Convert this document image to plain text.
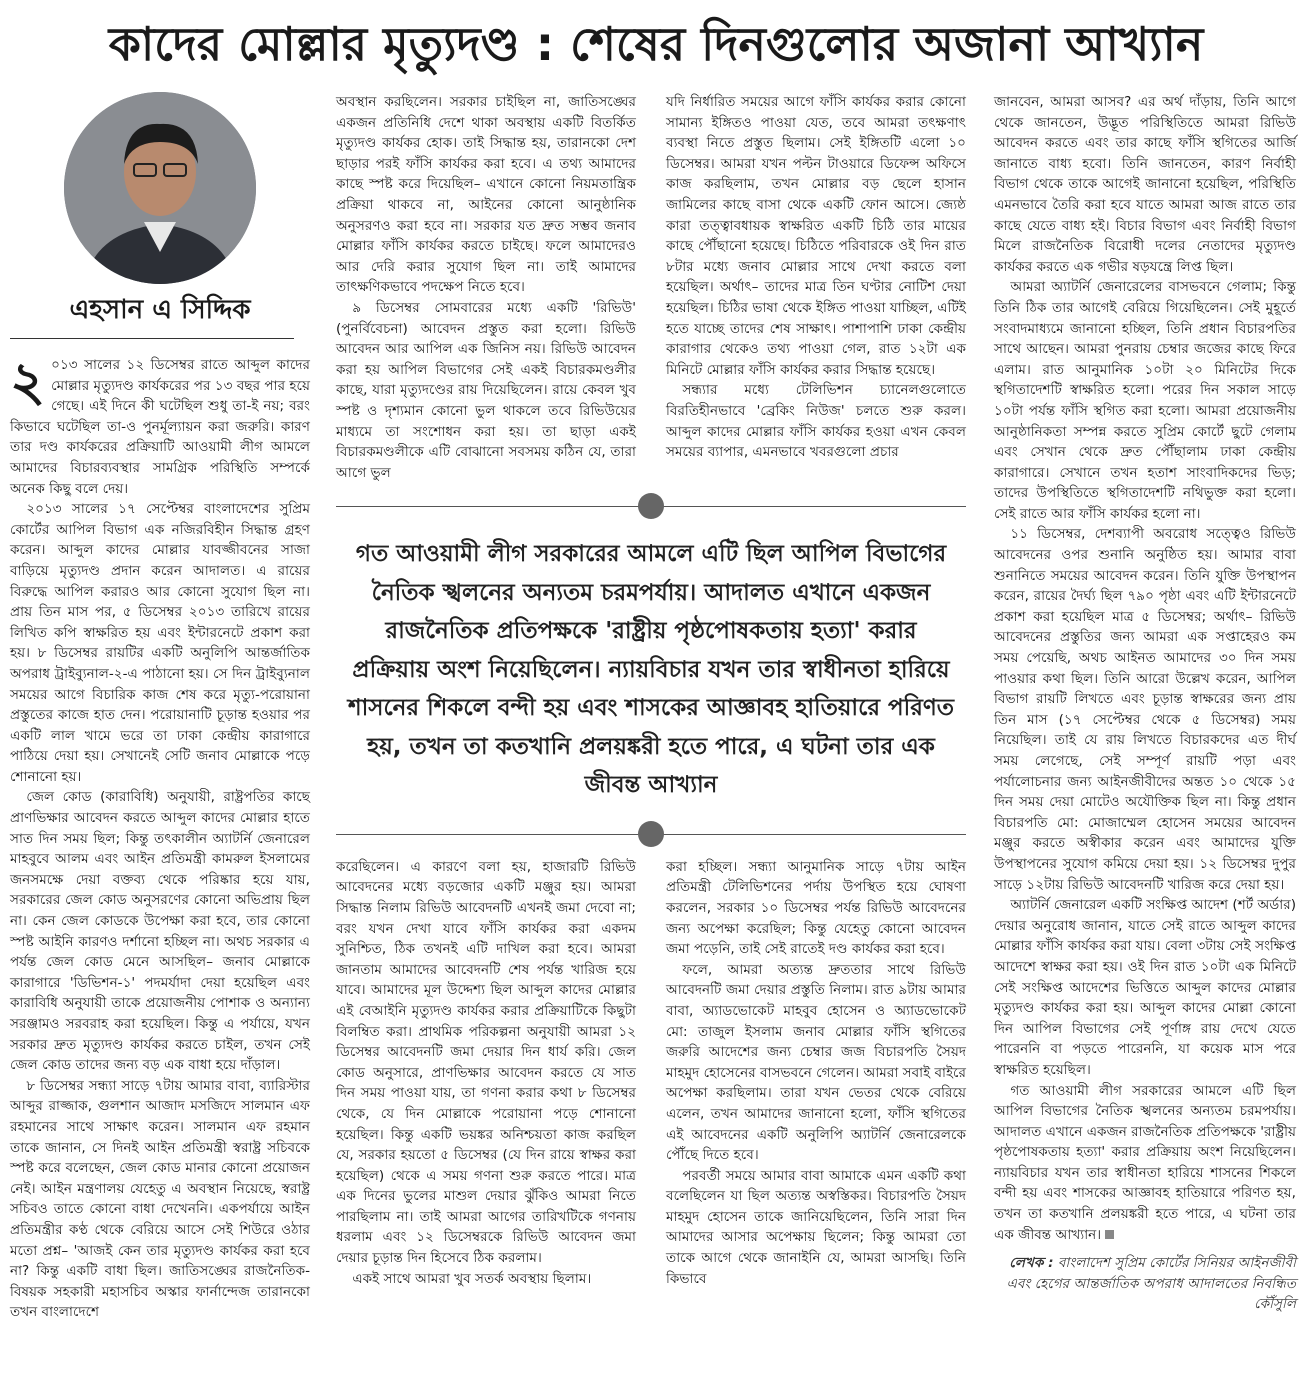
কাদের মোল্লার মৃত্যুদণ্ড : শেষের দিনগুলোর অজানা আখ্যান
এহসান এ সিদ্দিক

২ ০১৩ সালের ১২ ডিসেম্বর রাতে আব্দুল কাদের মোল্লার মৃত্যুদণ্ড কার্যকরের পর ১৩ বছর পার হয়ে গেছে। এই দিনে কী ঘটেছিল শুধু তা-ই নয়; বরং কিভাবে ঘটেছিল তা-ও পুনর্মূল্যায়ন করা জরুরি। কারণ তার দণ্ড কার্যকরের প্রক্রিয়াটি আওয়ামী লীগ আমলে আমাদের বিচারব্যবস্থার সামগ্রিক পরিস্থিতি সম্পর্কে অনেক কিছু বলে দেয়।

২০১৩ সালের ১৭ সেপ্টেম্বর বাংলাদেশের সুপ্রিম কোর্টের আপিল বিভাগ এক নজিরবিহীন সিদ্ধান্ত গ্রহণ করেন। আব্দুল কাদের মোল্লার যাবজ্জীবনের সাজা বাড়িয়ে মৃত্যুদণ্ড প্রদান করেন আদালত। এ রায়ের বিরুদ্ধে আপিল করারও আর কোনো সুযোগ ছিল না। প্রায় তিন মাস পর, ৫ ডিসেম্বর ২০১৩ তারিখে রায়ের লিখিত কপি স্বাক্ষরিত হয় এবং ইন্টারনেটে প্রকাশ করা হয়। ৮ ডিসেম্বর রায়টির একটি অনুলিপি আন্তর্জাতিক অপরাধ ট্রাইব্যুনাল-২-এ পাঠানো হয়। সে দিন ট্রাইব্যুনাল সময়ের আগে বিচারিক কাজ শেষ করে মৃত্যু-পরোয়ানা প্রস্তুতের কাজে হাত দেন। পরোয়ানাটি চূড়ান্ত হওয়ার পর একটি লাল খামে ভরে তা ঢাকা কেন্দ্রীয় কারাগারে পাঠিয়ে দেয়া হয়। সেখানেই সেটি জনাব মোল্লাকে পড়ে শোনানো হয়।

জেল কোড (কারাবিধি) অনুযায়ী, রাষ্ট্রপতির কাছে প্রাণভিক্ষার আবেদন করতে আব্দুল কাদের মোল্লার হাতে সাত দিন সময় ছিল; কিন্তু তৎকালীন অ্যাটর্নি জেনারেল মাহবুবে আলম এবং আইন প্রতিমন্ত্রী কামরুল ইসলামের জনসমক্ষে দেয়া বক্তব্য থেকে পরিষ্কার হয়ে যায়, সরকারের জেল কোড অনুসরণের কোনো অভিপ্রায় ছিল না। কেন জেল কোডকে উপেক্ষা করা হবে, তার কোনো স্পষ্ট আইনি কারণও দর্শানো হচ্ছিল না। অথচ সরকার এ পর্যন্ত জেল কোড মেনে আসছিল– জনাব মোল্লাকে কারাগারে 'ডিভিশন-১' পদমর্যাদা দেয়া হয়েছিল এবং কারাবিধি অনুযায়ী তাকে প্রয়োজনীয় পোশাক ও অন্যান্য সরঞ্জামও সরবরাহ করা হয়েছিল। কিন্তু এ পর্যায়ে, যখন সরকার দ্রুত মৃত্যুদণ্ড কার্যকর করতে চাইল, তখন সেই জেল কোড তাদের জন্য বড় এক বাধা হয়ে দাঁড়াল।

৮ ডিসেম্বর সন্ধ্যা সাড়ে ৭টায় আমার বাবা, ব্যারিস্টার আব্দুর রাজ্জাক, গুলশান আজাদ মসজিদে সালমান এফ রহমানের সাথে সাক্ষাৎ করেন। সালমান এফ রহমান তাকে জানান, সে দিনই আইন প্রতিমন্ত্রী স্বরাষ্ট্র সচিবকে স্পষ্ট করে বলেছেন, জেল কোড মানার কোনো প্রয়োজন নেই। আইন মন্ত্রণালয় যেহেতু এ অবস্থান নিয়েছে, স্বরাষ্ট্র সচিবও তাতে কোনো বাধা দেখেননি। একপর্যায়ে আইন প্রতিমন্ত্রীর কণ্ঠ থেকে বেরিয়ে আসে সেই শিউরে ওঠার মতো প্রশ্ন– 'আজই কেন তার মৃত্যুদণ্ড কার্যকর করা হবে না? কিন্তু একটি বাধা ছিল। জাতিসঙ্ঘের রাজনৈতিক-বিষয়ক সহকারী মহাসচিব অস্কার ফার্নান্দেজ তারানকো তখন বাংলাদেশে

অবস্থান করছিলেন। সরকার চাইছিল না, জাতিসঙ্ঘের একজন প্রতিনিধি দেশে থাকা অবস্থায় একটি বিতর্কিত মৃত্যুদণ্ড কার্যকর হোক। তাই সিদ্ধান্ত হয়, তারানকো দেশ ছাড়ার পরই ফাঁসি কার্যকর করা হবে। এ তথ্য আমাদের কাছে স্পষ্ট করে দিয়েছিল– এখানে কোনো নিয়মতান্ত্রিক প্রক্রিয়া থাকবে না, আইনের কোনো আনুষ্ঠানিক অনুসরণও করা হবে না। সরকার যত দ্রুত সম্ভব জনাব মোল্লার ফাঁসি কার্যকর করতে চাইছে। ফলে আমাদেরও আর দেরি করার সুযোগ ছিল না। তাই আমাদের তাৎক্ষণিকভাবে পদক্ষেপ নিতে হবে।

৯ ডিসেম্বর সোমবারের মধ্যে একটি 'রিভিউ' (পুনর্বিবেচনা) আবেদন প্রস্তুত করা হলো। রিভিউ আবেদন আর আপিল এক জিনিস নয়। রিভিউ আবেদন করা হয় আপিল বিভাগের সেই একই বিচারকমণ্ডলীর কাছে, যারা মৃত্যুদণ্ডের রায় দিয়েছিলেন। রায়ে কেবল খুব স্পষ্ট ও দৃশ্যমান কোনো ভুল থাকলে তবে রিভিউয়ের মাধ্যমে তা সংশোধন করা হয়। তা ছাড়া একই বিচারকমণ্ডলীকে এটি বোঝানো সবসময় কঠিন যে, তারা আগে ভুল

যদি নির্ধারিত সময়ের আগে ফাঁসি কার্যকর করার কোনো সামান্য ইঙ্গিতও পাওয়া যেত, তবে আমরা তৎক্ষণাৎ ব্যবস্থা নিতে প্রস্তুত ছিলাম। সেই ইঙ্গিতটি এলো ১০ ডিসেম্বর। আমরা যখন পল্টন টাওয়ারে ডিফেন্স অফিসে কাজ করছিলাম, তখন মোল্লার বড় ছেলে হাসান জামিলের কাছে বাসা থেকে একটি ফোন আসে। জ্যেষ্ঠ কারা তত্ত্বাবধায়ক স্বাক্ষরিত একটি চিঠি তার মায়ের কাছে পৌঁছানো হয়েছে। চিঠিতে পরিবারকে ওই দিন রাত ৮টার মধ্যে জনাব মোল্লার সাথে দেখা করতে বলা হয়েছিল। অর্থাৎ– তাদের মাত্র তিন ঘণ্টার নোটিশ দেয়া হয়েছিল। চিঠির ভাষা থেকে ইঙ্গিত পাওয়া যাচ্ছিল, এটিই হতে যাচ্ছে তাদের শেষ সাক্ষাৎ। পাশাপাশি ঢাকা কেন্দ্রীয় কারাগার থেকেও তথ্য পাওয়া গেল, রাত ১২টা এক মিনিটে মোল্লার ফাঁসি কার্যকর করার সিদ্ধান্ত হয়েছে।

সন্ধ্যার মধ্যে টেলিভিশন চ্যানেলগুলোতে বিরতিহীনভাবে 'ব্রেকিং নিউজ' চলতে শুরু করল। আব্দুল কাদের মোল্লার ফাঁসি কার্যকর হওয়া এখন কেবল সময়ের ব্যাপার, এমনভাবে খবরগুলো প্রচার

গত আওয়ামী লীগ সরকারের আমলে এটি ছিল আপিল বিভাগের নৈতিক স্খলনের অন্যতম চরমপর্যায়। আদালত এখানে একজন রাজনৈতিক প্রতিপক্ষকে 'রাষ্ট্রীয় পৃষ্ঠপোষকতায় হত্যা' করার প্রক্রিয়ায় অংশ নিয়েছিলেন। ন্যায়বিচার যখন তার স্বাধীনতা হারিয়ে শাসনের শিকলে বন্দী হয় এবং শাসকের আজ্ঞাবহ হাতিয়ারে পরিণত হয়, তখন তা কতখানি প্রলয়ঙ্করী হতে পারে, এ ঘটনা তার এক জীবন্ত আখ্যান

করেছিলেন। এ কারণে বলা হয়, হাজারটি রিভিউ আবেদনের মধ্যে বড়জোর একটি মঞ্জুর হয়। আমরা সিদ্ধান্ত নিলাম রিভিউ আবেদনটি এখনই জমা দেবো না; বরং যখন দেখা যাবে ফাঁসি কার্যকর করা একদম সুনিশ্চিত, ঠিক তখনই এটি দাখিল করা হবে। আমরা জানতাম আমাদের আবেদনটি শেষ পর্যন্ত খারিজ হয়ে যাবে। আমাদের মূল উদ্দেশ্য ছিল আব্দুল কাদের মোল্লার এই বেআইনি মৃত্যুদণ্ড কার্যকর করার প্রক্রিয়াটিকে কিছুটা বিলম্বিত করা। প্রাথমিক পরিকল্পনা অনুযায়ী আমরা ১২ ডিসেম্বর আবেদনটি জমা দেয়ার দিন ধার্য করি। জেল কোড অনুসারে, প্রাণভিক্ষার আবেদন করতে যে সাত দিন সময় পাওয়া যায়, তা গণনা করার কথা ৮ ডিসেম্বর থেকে, যে দিন মোল্লাকে পরোয়ানা পড়ে শোনানো হয়েছিল। কিন্তু একটি ভয়ঙ্কর অনিশ্চয়তা কাজ করছিল যে, সরকার হয়তো ৫ ডিসেম্বর (যে দিন রায়ে স্বাক্ষর করা হয়েছিল) থেকে এ সময় গণনা শুরু করতে পারে। মাত্র এক দিনের ভুলের মাশুল দেয়ার ঝুঁকিও আমরা নিতে পারছিলাম না। তাই আমরা আগের তারিখটিকে গণনায় ধরলাম এবং ১২ ডিসেম্বরকে রিভিউ আবেদন জমা দেয়ার চূড়ান্ত দিন হিসেবে ঠিক করলাম।

একই সাথে আমরা খুব সতর্ক অবস্থায় ছিলাম।

করা হচ্ছিল। সন্ধ্যা আনুমানিক সাড়ে ৭টায় আইন প্রতিমন্ত্রী টেলিভিশনের পর্দায় উপস্থিত হয়ে ঘোষণা করলেন, সরকার ১০ ডিসেম্বর পর্যন্ত রিভিউ আবেদনের জন্য অপেক্ষা করেছিল; কিন্তু যেহেতু কোনো আবেদন জমা পড়েনি, তাই সেই রাতেই দণ্ড কার্যকর করা হবে।

ফলে, আমরা অত্যন্ত দ্রুততার সাথে রিভিউ আবেদনটি জমা দেয়ার প্রস্তুতি নিলাম। রাত ৯টায় আমার বাবা, অ্যাডভোকেট মাহবুব হোসেন ও অ্যাডভোকেট মো: তাজুল ইসলাম জনাব মোল্লার ফাঁসি স্থগিতের জরুরি আদেশের জন্য চেম্বার জজ বিচারপতি সৈয়দ মাহমুদ হোসেনের বাসভবনে গেলেন। আমরা সবাই বাইরে অপেক্ষা করছিলাম। তারা যখন ভেতর থেকে বেরিয়ে এলেন, তখন আমাদের জানানো হলো, ফাঁসি স্থগিতের এই আবেদনের একটি অনুলিপি অ্যাটর্নি জেনারেলকে পৌঁছে দিতে হবে।

পরবর্তী সময়ে আমার বাবা আমাকে এমন একটি কথা বলেছিলেন যা ছিল অত্যন্ত অস্বস্তিকর। বিচারপতি সৈয়দ মাহমুদ হোসেন তাকে জানিয়েছিলেন, তিনি সারা দিন আমাদের আসার অপেক্ষায় ছিলেন; কিন্তু আমরা তো তাকে আগে থেকে জানাইনি যে, আমরা আসছি। তিনি কিভাবে

জানবেন, আমরা আসব? এর অর্থ দাঁড়ায়, তিনি আগে থেকে জানতেন, উদ্ভূত পরিস্থিতিতে আমরা রিভিউ আবেদন করতে এবং তার কাছে ফাঁসি স্থগিতের আর্জি জানাতে বাধ্য হবো। তিনি জানতেন, কারণ নির্বাহী বিভাগ থেকে তাকে আগেই জানানো হয়েছিল, পরিস্থিতি এমনভাবে তৈরি করা হবে যাতে আমরা আজ রাতে তার কাছে যেতে বাধ্য হই। বিচার বিভাগ এবং নির্বাহী বিভাগ মিলে রাজনৈতিক বিরোধী দলের নেতাদের মৃত্যুদণ্ড কার্যকর করতে এক গভীর ষড়যন্ত্রে লিপ্ত ছিল।

আমরা অ্যাটর্নি জেনারেলের বাসভবনে গেলাম; কিন্তু তিনি ঠিক তার আগেই বেরিয়ে গিয়েছিলেন। সেই মুহূর্তে সংবাদমাধ্যমে জানানো হচ্ছিল, তিনি প্রধান বিচারপতির সাথে আছেন। আমরা পুনরায় চেম্বার জজের কাছে ফিরে এলাম। রাত আনুমানিক ১০টা ২০ মিনিটের দিকে স্থগিতাদেশটি স্বাক্ষরিত হলো। পরের দিন সকাল সাড়ে ১০টা পর্যন্ত ফাঁসি স্থগিত করা হলো। আমরা প্রয়োজনীয় আনুষ্ঠানিকতা সম্পন্ন করতে সুপ্রিম কোর্টে ছুটে গেলাম এবং সেখান থেকে দ্রুত পৌঁছালাম ঢাকা কেন্দ্রীয় কারাগারে। সেখানে তখন হতাশ সাংবাদিকদের ভিড়; তাদের উপস্থিতিতে স্থগিতাদেশটি নথিভুক্ত করা হলো। সেই রাতে আর ফাঁসি কার্যকর হলো না।

১১ ডিসেম্বর, দেশব্যাপী অবরোধ সত্ত্বেও রিভিউ আবেদনের ওপর শুনানি অনুষ্ঠিত হয়। আমার বাবা শুনানিতে সময়ের আবেদন করেন। তিনি যুক্তি উপস্থাপন করেন, রায়ের দৈর্ঘ্য ছিল ৭৯০ পৃষ্ঠা এবং এটি ইন্টারনেটে প্রকাশ করা হয়েছিল মাত্র ৫ ডিসেম্বর; অর্থাৎ– রিভিউ আবেদনের প্রস্তুতির জন্য আমরা এক সপ্তাহেরও কম সময় পেয়েছি, অথচ আইনত আমাদের ৩০ দিন সময় পাওয়ার কথা ছিল। তিনি আরো উল্লেখ করেন, আপিল বিভাগ রায়টি লিখতে এবং চূড়ান্ত স্বাক্ষরের জন্য প্রায় তিন মাস (১৭ সেপ্টেম্বর থেকে ৫ ডিসেম্বর) সময় নিয়েছিল। তাই যে রায় লিখতে বিচারকদের এত দীর্ঘ সময় লেগেছে, সেই সম্পূর্ণ রায়টি পড়া এবং পর্যালোচনার জন্য আইনজীবীদের অন্তত ১০ থেকে ১৫ দিন সময় দেয়া মোটেও অযৌক্তিক ছিল না। কিন্তু প্রধান বিচারপতি মো: মোজাম্মেল হোসেন সময়ের আবেদন মঞ্জুর করতে অস্বীকার করেন এবং আমাদের যুক্তি উপস্থাপনের সুযোগ কমিয়ে দেয়া হয়। ১২ ডিসেম্বর দুপুর সাড়ে ১২টায় রিভিউ আবেদনটি খারিজ করে দেয়া হয়।

অ্যাটর্নি জেনারেল একটি সংক্ষিপ্ত আদেশ (শর্ট অর্ডার) দেয়ার অনুরোধ জানান, যাতে সেই রাতে আব্দুল কাদের মোল্লার ফাঁসি কার্যকর করা যায়। বেলা ৩টায় সেই সংক্ষিপ্ত আদেশে স্বাক্ষর করা হয়। ওই দিন রাত ১০টা এক মিনিটে সেই সংক্ষিপ্ত আদেশের ভিত্তিতে আব্দুল কাদের মোল্লার মৃত্যুদণ্ড কার্যকর করা হয়। আব্দুল কাদের মোল্লা কোনো দিন আপিল বিভাগের সেই পূর্ণাঙ্গ রায় দেখে যেতে পারেননি বা পড়তে পারেননি, যা কয়েক মাস পরে স্বাক্ষরিত হয়েছিল।

গত আওয়ামী লীগ সরকারের আমলে এটি ছিল আপিল বিভাগের নৈতিক স্খলনের অন্যতম চরমপর্যায়। আদালত এখানে একজন রাজনৈতিক প্রতিপক্ষকে 'রাষ্ট্রীয় পৃষ্ঠপোষকতায় হত্যা' করার প্রক্রিয়ায় অংশ নিয়েছিলেন। ন্যায়বিচার যখন তার স্বাধীনতা হারিয়ে শাসনের শিকলে বন্দী হয় এবং শাসকের আজ্ঞাবহ হাতিয়ারে পরিণত হয়, তখন তা কতখানি প্রলয়ঙ্করী হতে পারে, এ ঘটনা তার এক জীবন্ত আখ্যান।

লেখক : বাংলাদেশ সুপ্রিম কোর্টের সিনিয়র আইনজীবী এবং হেগের আন্তর্জাতিক অপরাধ আদালতের নিবন্ধিত কৌঁসুলি
